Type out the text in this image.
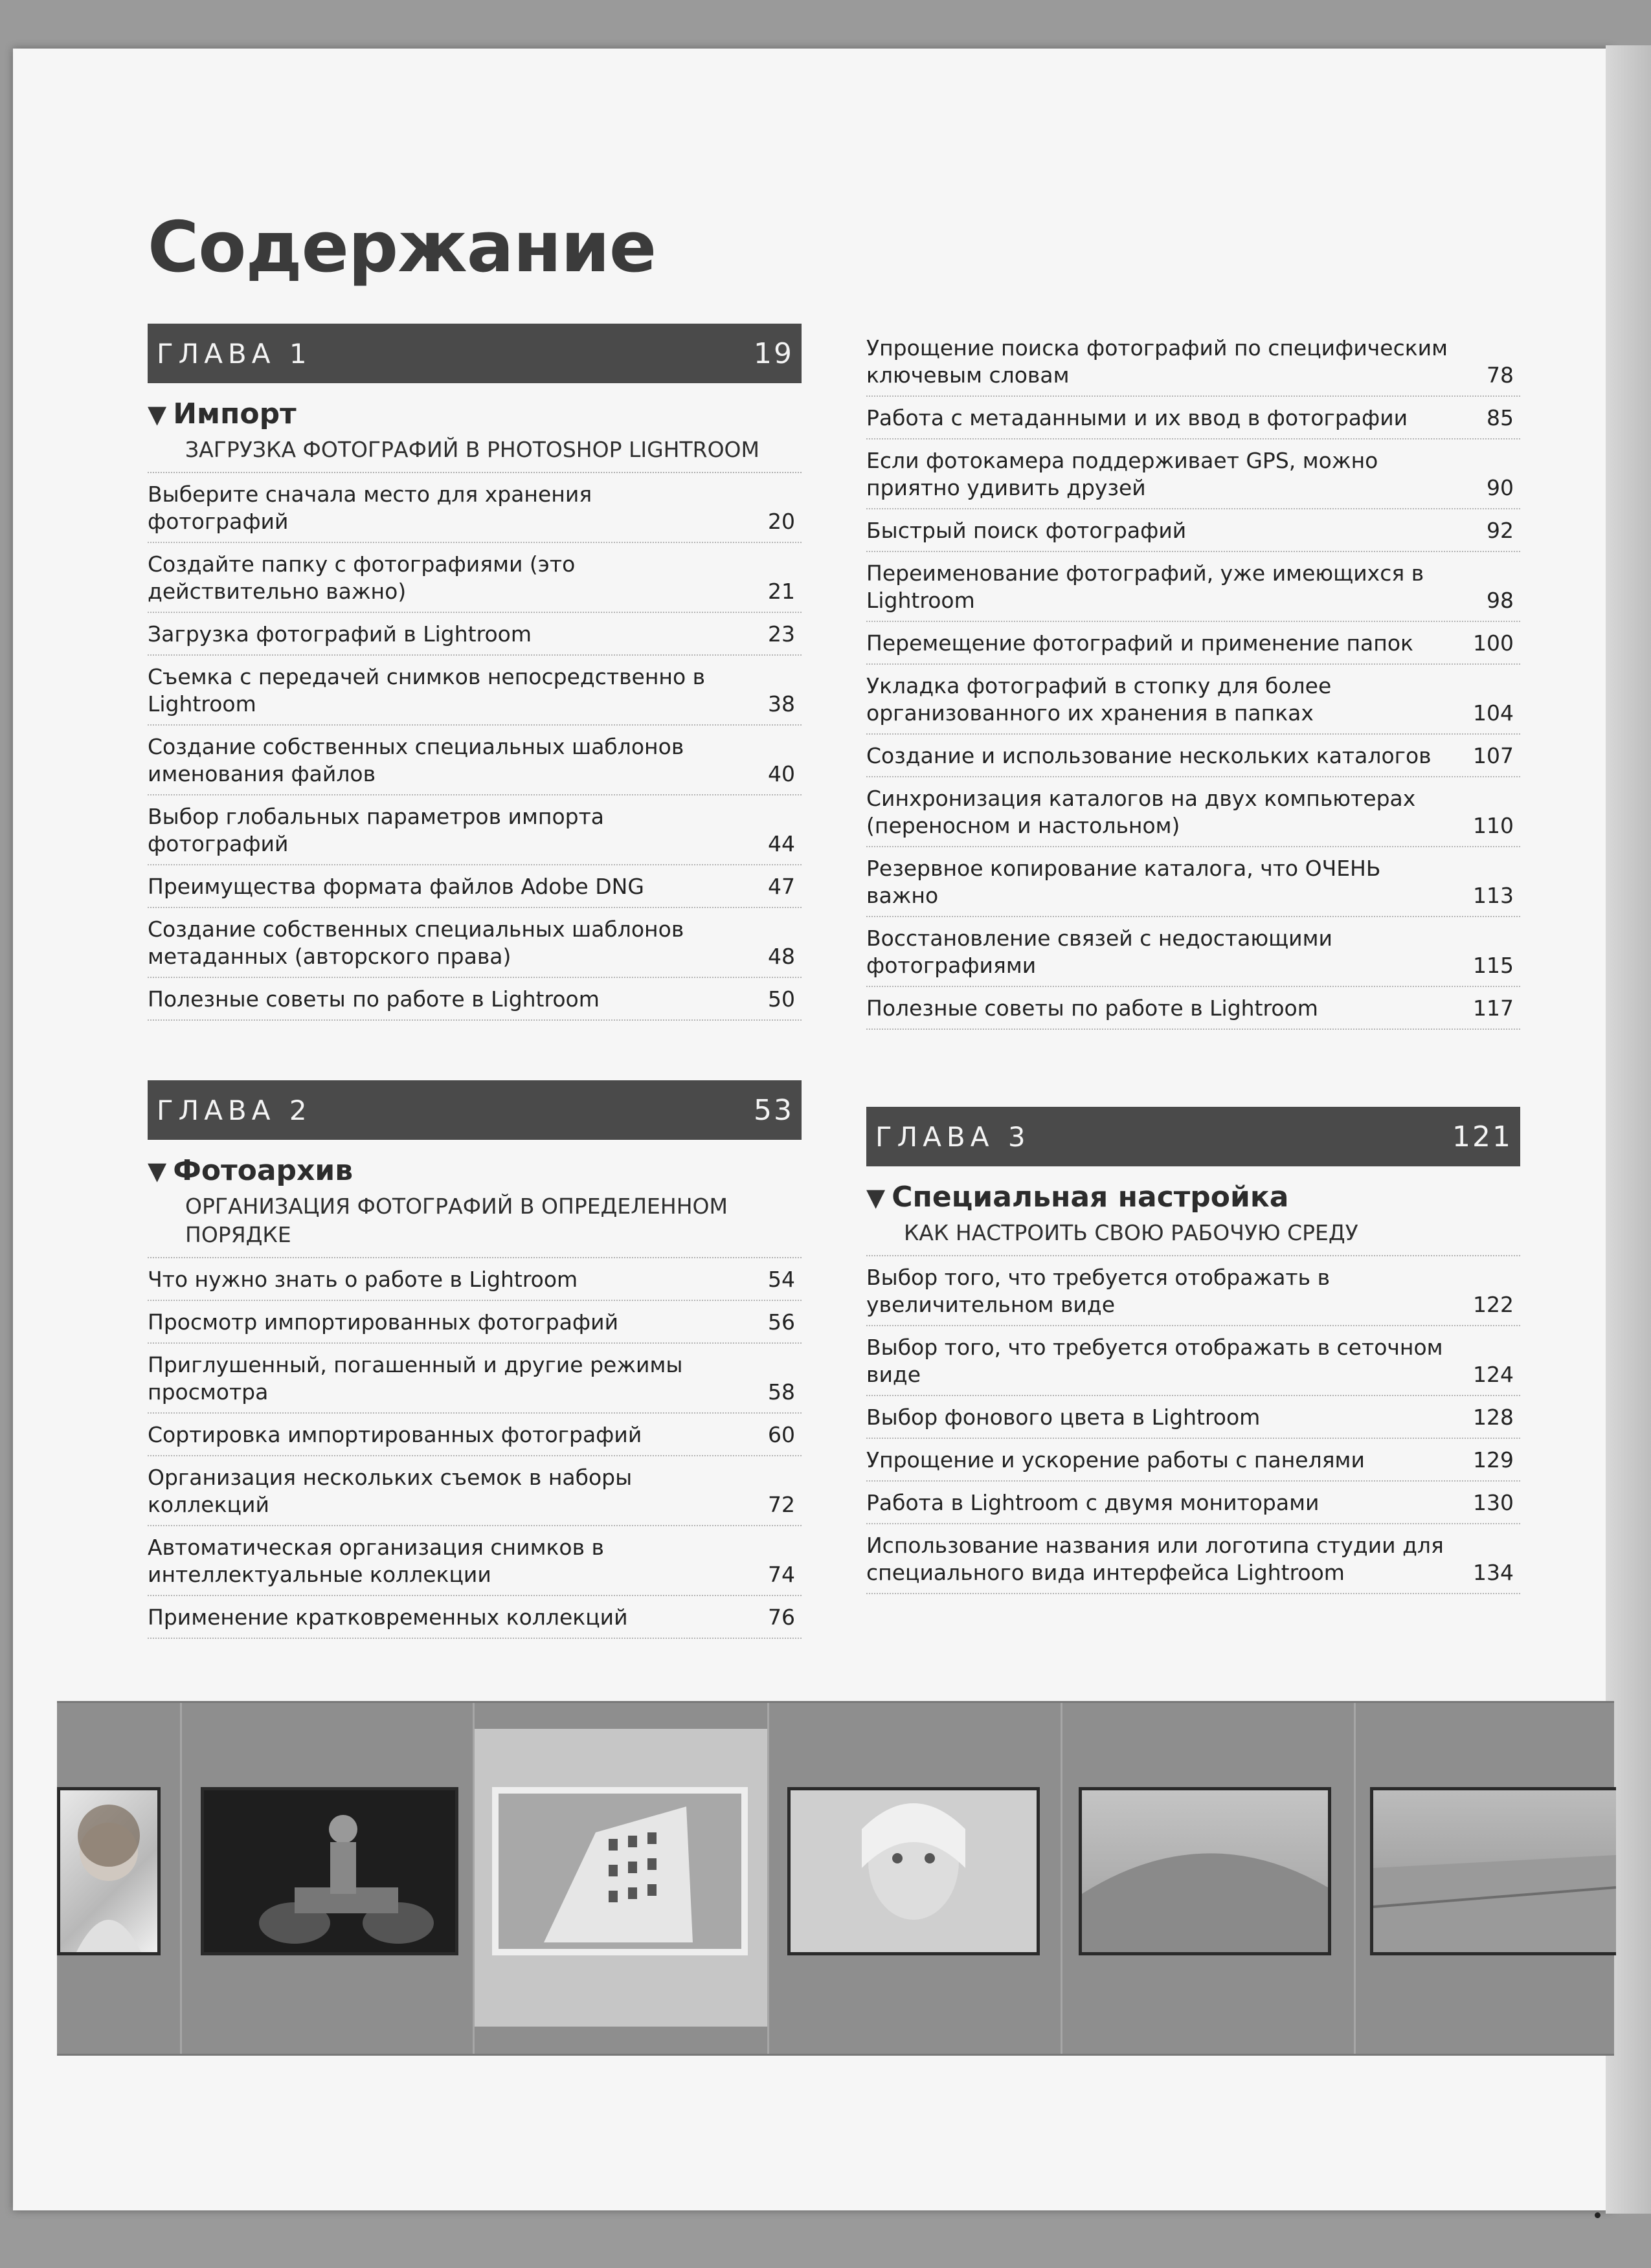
Содержание
ГЛАВА 1	19
▼ Импорт
ЗАГРУЗКА ФОТОГРАФИЙ В PHOTOSHOP LIGHTROOM
Выберите сначала место для хранения фотографий	20
Создайте папку с фотографиями (это действительно важно)	21
Загрузка фотографий в Lightroom	23
Съемка с передачей снимков непосредственно в Lightroom	38
Создание собственных специальных шаблонов именования файлов	40
Выбор глобальных параметров импорта фотографий	44
Преимущества формата файлов Adobe DNG	47
Создание собственных специальных шаблонов метаданных (авторского права)	48
Полезные советы по работе в Lightroom	50
ГЛАВА 2	53
▼ Фотоархив
ОРГАНИЗАЦИЯ ФОТОГРАФИЙ В ОПРЕДЕЛЕННОМ ПОРЯДКЕ
Что нужно знать о работе в Lightroom	54
Просмотр импортированных фотографий	56
Приглушенный, погашенный и другие режимы просмотра	58
Сортировка импортированных фотографий	60
Организация нескольких съемок в наборы коллекций	72
Автоматическая организация снимков в интеллектуальные коллекции	74
Применение кратковременных коллекций	76
Упрощение поиска фотографий по специфическим ключевым словам	78
Работа с метаданными и их ввод в фотографии	85
Если фотокамера поддерживает GPS, можно приятно удивить друзей	90
Быстрый поиск фотографий	92
Переименование фотографий, уже имеющихся в Lightroom	98
Перемещение фотографий и применение папок	100
Укладка фотографий в стопку для более организованного их хранения в папках	104
Создание и использование нескольких каталогов	107
Синхронизация каталогов на двух компьютерах (переносном и настольном)	110
Резервное копирование каталога, что ОЧЕНЬ важно	113
Восстановление связей с недостающими фотографиями	115
Полезные советы по работе в Lightroom	117
ГЛАВА 3	121
▼ Специальная настройка
КАК НАСТРОИТЬ СВОЮ РАБОЧУЮ СРЕДУ
Выбор того, что требуется отображать в увеличительном виде	122
Выбор того, что требуется отображать в сеточном виде	124
Выбор фонового цвета в Lightroom	128
Упрощение и ускорение работы с панелями	129
Работа в Lightroom с двумя мониторами	130
Использование названия или логотипа студии для специального вида интерфейса Lightroom	134
